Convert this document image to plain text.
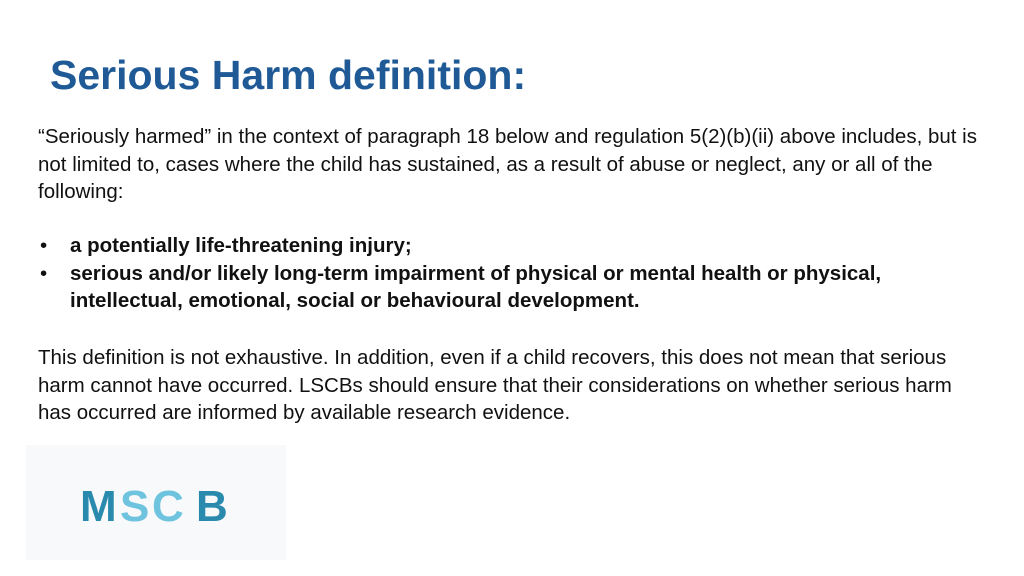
Serious Harm definition:

“Seriously harmed” in the context of paragraph 18 below and regulation 5(2)(b)(ii) above includes, but is not limited to, cases where the child has sustained, as a result of abuse or neglect, any or all of the following:

• a potentially life-threatening injury;
• serious and/or likely long-term impairment of physical or mental health or physical, intellectual, emotional, social or behavioural development.

This definition is not exhaustive. In addition, even if a child recovers, this does not mean that serious harm cannot have occurred. LSCBs should ensure that their considerations on whether serious harm has occurred are informed by available research evidence.

M S C B
